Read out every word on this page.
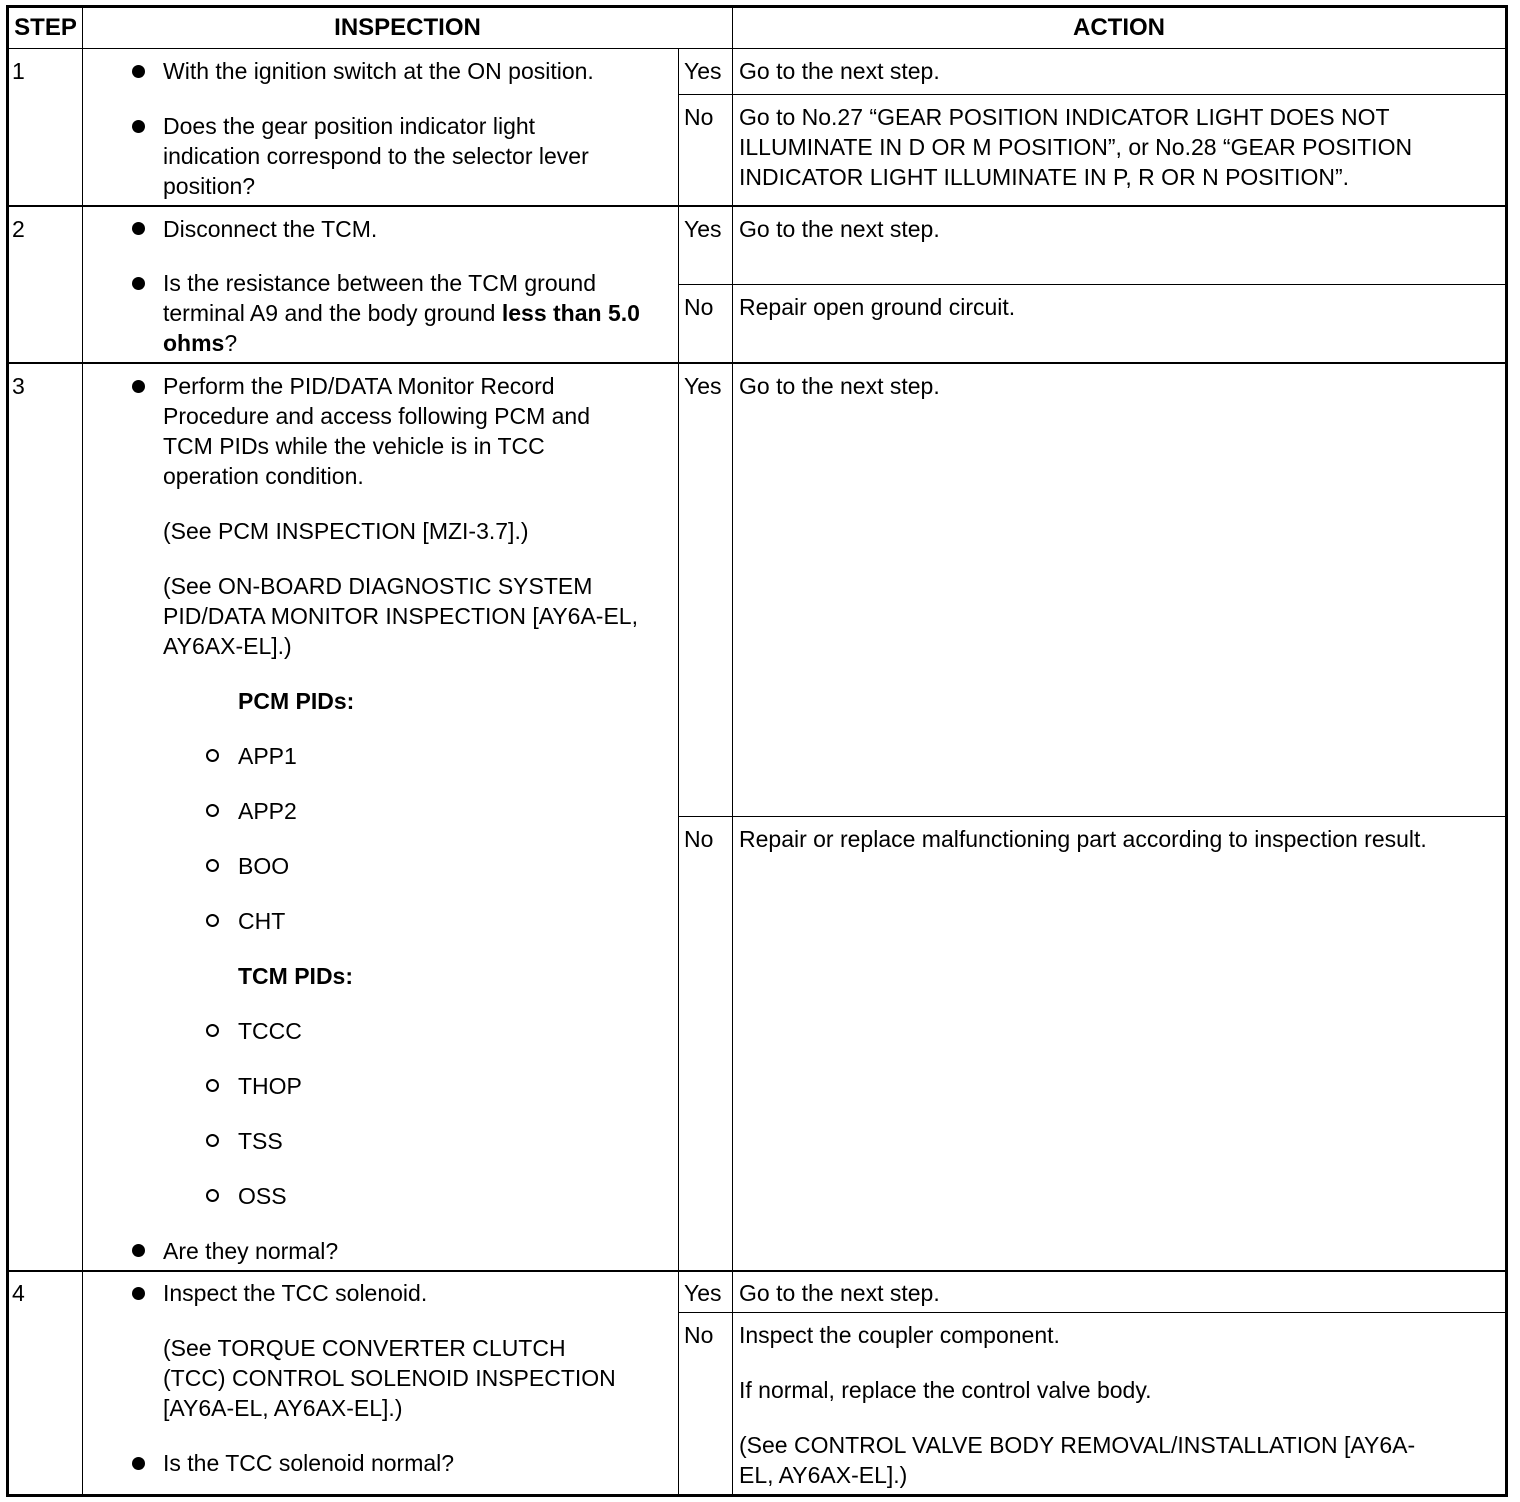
STEP	INSPECTION	ACTION
1	With the ignition switch at the ON position.
Does the gear position indicator light indication correspond to the selector lever position?
Yes Go to the next step.
No Go to No.27 “GEAR POSITION INDICATOR LIGHT DOES NOT ILLUMINATE IN D OR M POSITION”, or No.28 “GEAR POSITION INDICATOR LIGHT ILLUMINATE IN P, R OR N POSITION”.
2	Disconnect the TCM.
Is the resistance between the TCM ground terminal A9 and the body ground less than 5.0 ohms?
Yes Go to the next step.
No Repair open ground circuit.
3	Perform the PID/DATA Monitor Record Procedure and access following PCM and TCM PIDs while the vehicle is in TCC operation condition.
(See PCM INSPECTION [MZI-3.7].)
(See ON-BOARD DIAGNOSTIC SYSTEM PID/DATA MONITOR INSPECTION [AY6A-EL, AY6AX-EL].)
PCM PIDs:
APP1
APP2
BOO
CHT
TCM PIDs:
TCCC
THOP
TSS
OSS
Are they normal?
Yes Go to the next step.
No Repair or replace malfunctioning part according to inspection result.
4	Inspect the TCC solenoid.
(See TORQUE CONVERTER CLUTCH (TCC) CONTROL SOLENOID INSPECTION [AY6A-EL, AY6AX-EL].)
Is the TCC solenoid normal?
Yes Go to the next step.
No Inspect the coupler component.
If normal, replace the control valve body.
(See CONTROL VALVE BODY REMOVAL/INSTALLATION [AY6A-EL, AY6AX-EL].)
